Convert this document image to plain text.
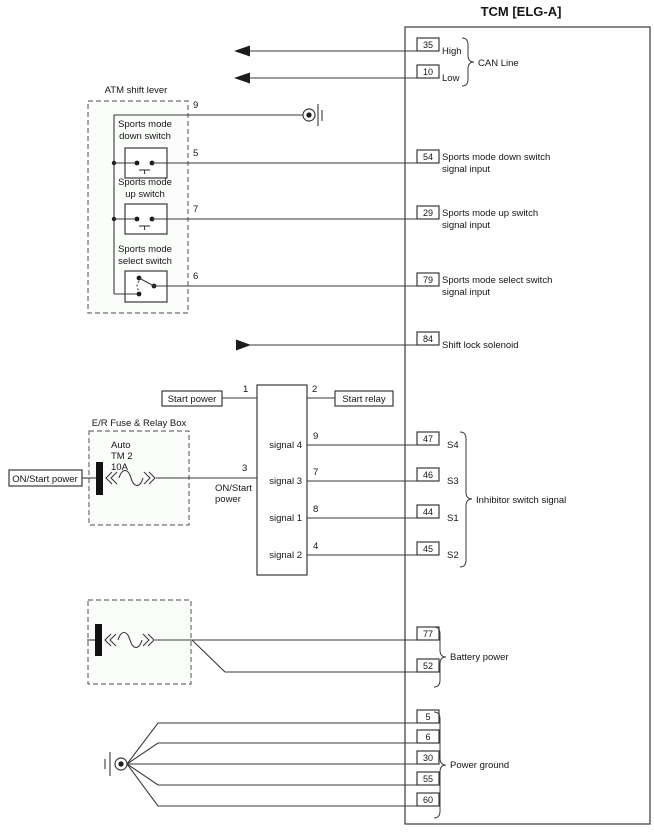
TCM [ELG-A]
35
High
10
Low
CAN Line
ATM shift lever
9
Sports mode
down switch
5	54 Sports mode down switch
signal input
Sports mode
up switch
7	29 Sports mode up switch
signal input
Sports mode
select switch
6	79 Sports mode select switch
signal input
84
Shift lock solenoid
Start power
1	2
Start relay
signal 4
9	47
S4
signal 3
7	46
S3
signal 1
8	44
S1
signal 2
4	45
S2
Inhibitor switch signal
E/R Fuse & Relay Box
Auto
TM 2
10A
ON/Start power
3
ON/Start
power
77
52
Battery power
5
6
30
55
60
Power ground
